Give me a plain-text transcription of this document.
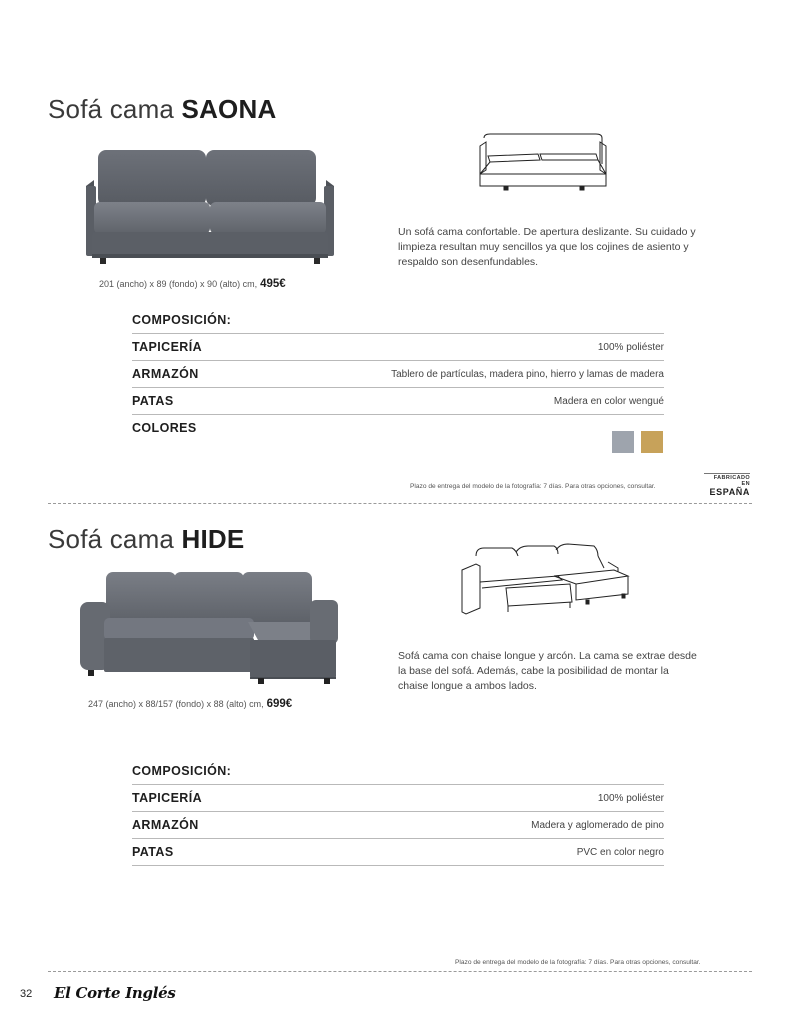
Sofá cama SAONA
201 (ancho) x 89 (fondo) x 90 (alto) cm, 495€
Un sofá cama confortable. De apertura deslizante. Su cuidado y limpieza resultan muy sencillos ya que los cojines de asiento y respaldo son desenfundables.
COMPOSICIÓN:
TAPICERÍA	100% poliéster
ARMAZÓN	Tablero de partículas, madera pino, hierro y lamas de madera
PATAS	Madera en color wengué
COLORES
Plazo de entrega del modelo de la fotografía: 7 días. Para otras opciones, consultar.
FABRICADO EN
ESPAÑA
Sofá cama HIDE
247 (ancho) x 88/157 (fondo) x 88 (alto) cm, 699€
Sofá cama con chaise longue y arcón. La cama se extrae desde la base del sofá. Además, cabe la posibilidad de montar la chaise longue a ambos lados.
COMPOSICIÓN:
TAPICERÍA	100% poliéster
ARMAZÓN	Madera y aglomerado de pino
PATAS	PVC en color negro
Plazo de entrega del modelo de la fotografía: 7 días. Para otras opciones, consultar.
32 El Corte Inglés
